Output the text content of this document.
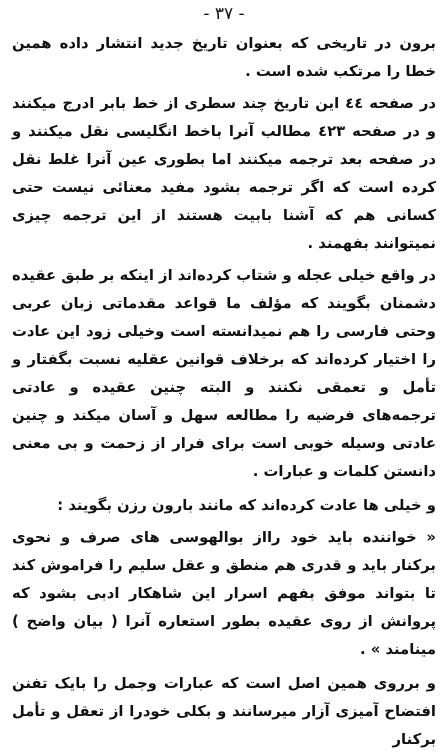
- ٣٧ -

برون در تاریخی که بعنوان تاریخ جدید انتشار داده همین خطا را مرتکب شده است .

در صفحه ٤٤ این تاریخ چند سطری از خط بابر ادرج میکنند و در صفحه ٤٢٣ مطالب آنرا باخط انگلیسی نقل میکنند و در صفحه بعد ترجمه میکنند اما بطوری عین آنرا غلط نقل کرده است که اگر ترجمه بشود مفید معنائی نیست حتی کسانی هم که آشنا بابیت هستند از این ترجمه چیزی نمیتوانند بفهمند .

در واقع خیلی عجله و شتاب کرده‌اند از اینکه بر طبق عقیده دشمنان بگویند که مؤلف ما قواعد مقدماتی زبان عربی وحتی فارسی را هم نمیدانسته است وخیلی زود این عادت را اختیار کرده‌اند که برخلاف قوانین عقلیه نسبت بگفتار و تأمل و تعمقی نکنند و البته چنین عقیده و عادتی ترجمه‌های فرضیه را مطالعه سهل و آسان میکند و چنین عادتی وسیله خوبی است برای فرار از زحمت و بی معنی دانستن کلمات و عبارات .

و خیلی ها عادت کرده‌اند که مانند بارون رزن بگویند :

« خواننده باید خود رااز بوالهوسی های صرف و نحوی برکنار باید و قدری هم منطق و عقل سلیم را فراموش کند تا بتواند موفق بفهم اسرار این شاهکار ادبی بشود که پروانش از روی عقیده بطور استعاره آنرا ( بیان واضح ) مینامند » .

و برروی همین اصل است که عبارات وجمل را بایک تفنن افتضاح آمیزی آزار میرسانند و بکلی خودرا از تعقل و تأمل برکنار
